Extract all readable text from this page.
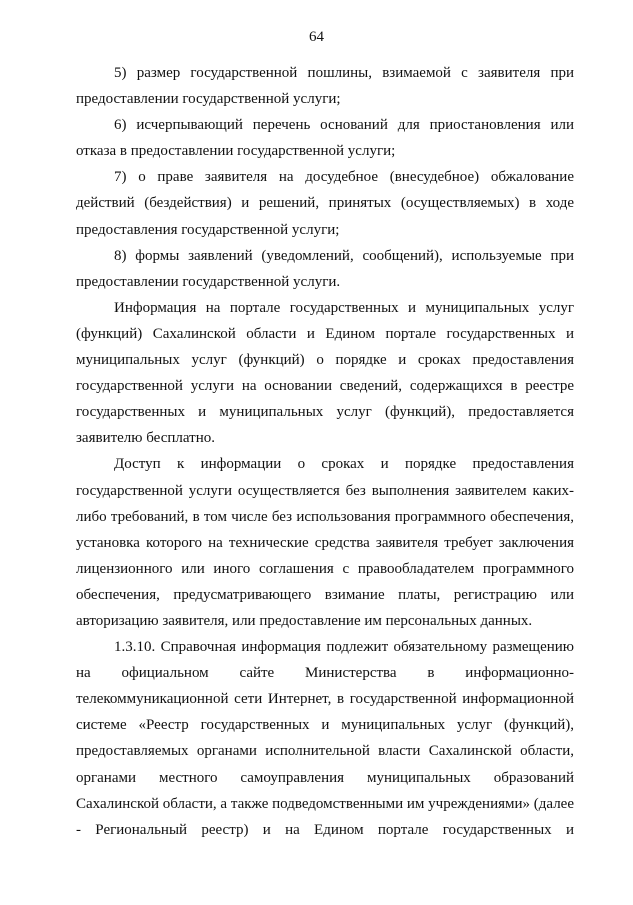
64

5) размер государственной пошлины, взимаемой с заявителя при предоставлении государственной услуги;

6) исчерпывающий перечень оснований для приостановления или отказа в предоставлении государственной услуги;

7) о праве заявителя на досудебное (внесудебное) обжалование действий (бездействия) и решений, принятых (осуществляемых) в ходе предоставления государственной услуги;

8) формы заявлений (уведомлений, сообщений), используемые при предоставлении государственной услуги.

Информация на портале государственных и муниципальных услуг (функций) Сахалинской области и Едином портале государственных и муниципальных услуг (функций) о порядке и сроках предоставления государственной услуги на основании сведений, содержащихся в реестре государственных и муниципальных услуг (функций), предоставляется заявителю бесплатно.

Доступ к информации о сроках и порядке предоставления государственной услуги осуществляется без выполнения заявителем каких-либо требований, в том числе без использования программного обеспечения, установка которого на технические средства заявителя требует заключения лицензионного или иного соглашения с правообладателем программного обеспечения, предусматривающего взимание платы, регистрацию или авторизацию заявителя, или предоставление им персональных данных.

1.3.10. Справочная информация подлежит обязательному размещению на официальном сайте Министерства в информационно-телекоммуникационной сети Интернет, в государственной информационной системе «Реестр государственных и муниципальных услуг (функций), предоставляемых органами исполнительной власти Сахалинской области, органами местного самоуправления муниципальных образований Сахалинской области, а также подведомственными им учреждениями» (далее - Региональный реестр) и на Едином портале государственных и
